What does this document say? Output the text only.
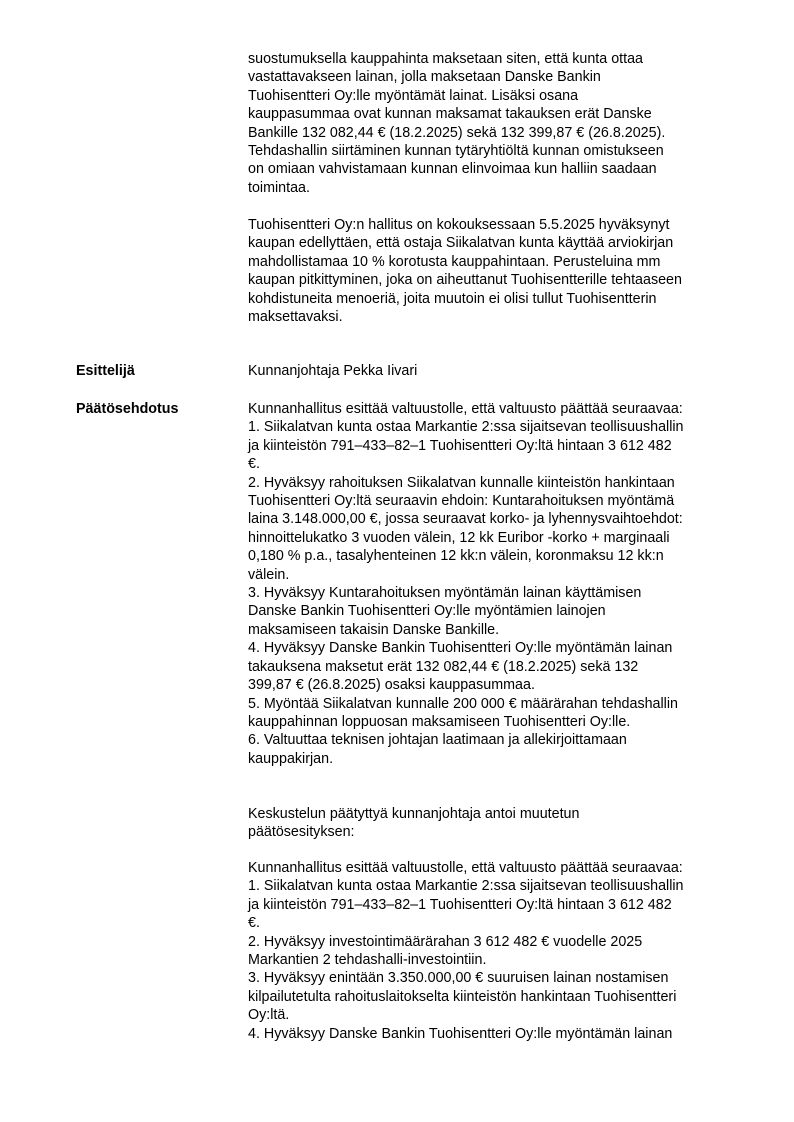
suostumuksella kauppahinta maksetaan siten, että kunta ottaa
vastattavakseen lainan, jolla maksetaan Danske Bankin
Tuohisentteri Oy:lle myöntämät lainat. Lisäksi osana
kauppasummaa ovat kunnan maksamat takauksen erät Danske
Bankille 132 082,44 € (18.2.2025) sekä 132 399,87 € (26.8.2025).
Tehdashallin siirtäminen kunnan tytäryhtiöltä kunnan omistukseen
on omiaan vahvistamaan kunnan elinvoimaa kun halliin saadaan
toimintaa.

Tuohisentteri Oy:n hallitus on kokouksessaan 5.5.2025 hyväksynyt
kaupan edellyttäen, että ostaja Siikalatvan kunta käyttää arviokirjan
mahdollistamaa 10 % korotusta kauppahintaan. Perusteluina mm
kaupan pitkittyminen, joka on aiheuttanut Tuohisentterille tehtaaseen
kohdistuneita menoeriä, joita muutoin ei olisi tullut Tuohisentterin
maksettavaksi.

Esittelijä	Kunnanjohtaja Pekka Iivari

Päätösehdotus	Kunnanhallitus esittää valtuustolle, että valtuusto päättää seuraavaa:
1. Siikalatvan kunta ostaa Markantie 2:ssa sijaitsevan teollisuushallin
ja kiinteistön 791–433–82–1 Tuohisentteri Oy:ltä hintaan 3 612 482
€.
2. Hyväksyy rahoituksen Siikalatvan kunnalle kiinteistön hankintaan
Tuohisentteri Oy:ltä seuraavin ehdoin: Kuntarahoituksen myöntämä
laina 3.148.000,00 €, jossa seuraavat korko- ja lyhennysvaihtoehdot:
hinnoittelukatko 3 vuoden välein, 12 kk Euribor -korko + marginaali
0,180 % p.a., tasalyhenteinen 12 kk:n välein, koronmaksu 12 kk:n
välein.
3. Hyväksyy Kuntarahoituksen myöntämän lainan käyttämisen
Danske Bankin Tuohisentteri Oy:lle myöntämien lainojen
maksamiseen takaisin Danske Bankille.
4. Hyväksyy Danske Bankin Tuohisentteri Oy:lle myöntämän lainan
takauksena maksetut erät 132 082,44 € (18.2.2025) sekä 132
399,87 € (26.8.2025) osaksi kauppasummaa.
5. Myöntää Siikalatvan kunnalle 200 000 € määrärahan tehdashallin
kauppahinnan loppuosan maksamiseen Tuohisentteri Oy:lle.
6. Valtuuttaa teknisen johtajan laatimaan ja allekirjoittamaan
kauppakirjan.

Keskustelun päätyttyä kunnanjohtaja antoi muutetun
päätösesityksen:

Kunnanhallitus esittää valtuustolle, että valtuusto päättää seuraavaa:
1. Siikalatvan kunta ostaa Markantie 2:ssa sijaitsevan teollisuushallin
ja kiinteistön 791–433–82–1 Tuohisentteri Oy:ltä hintaan 3 612 482
€.
2. Hyväksyy investointimäärärahan 3 612 482 € vuodelle 2025
Markantien 2 tehdashalli-investointiin.
3. Hyväksyy enintään 3.350.000,00 € suuruisen lainan nostamisen
kilpailutetulta rahoituslaitokselta kiinteistön hankintaan Tuohisentteri
Oy:ltä.
4. Hyväksyy Danske Bankin Tuohisentteri Oy:lle myöntämän lainan
